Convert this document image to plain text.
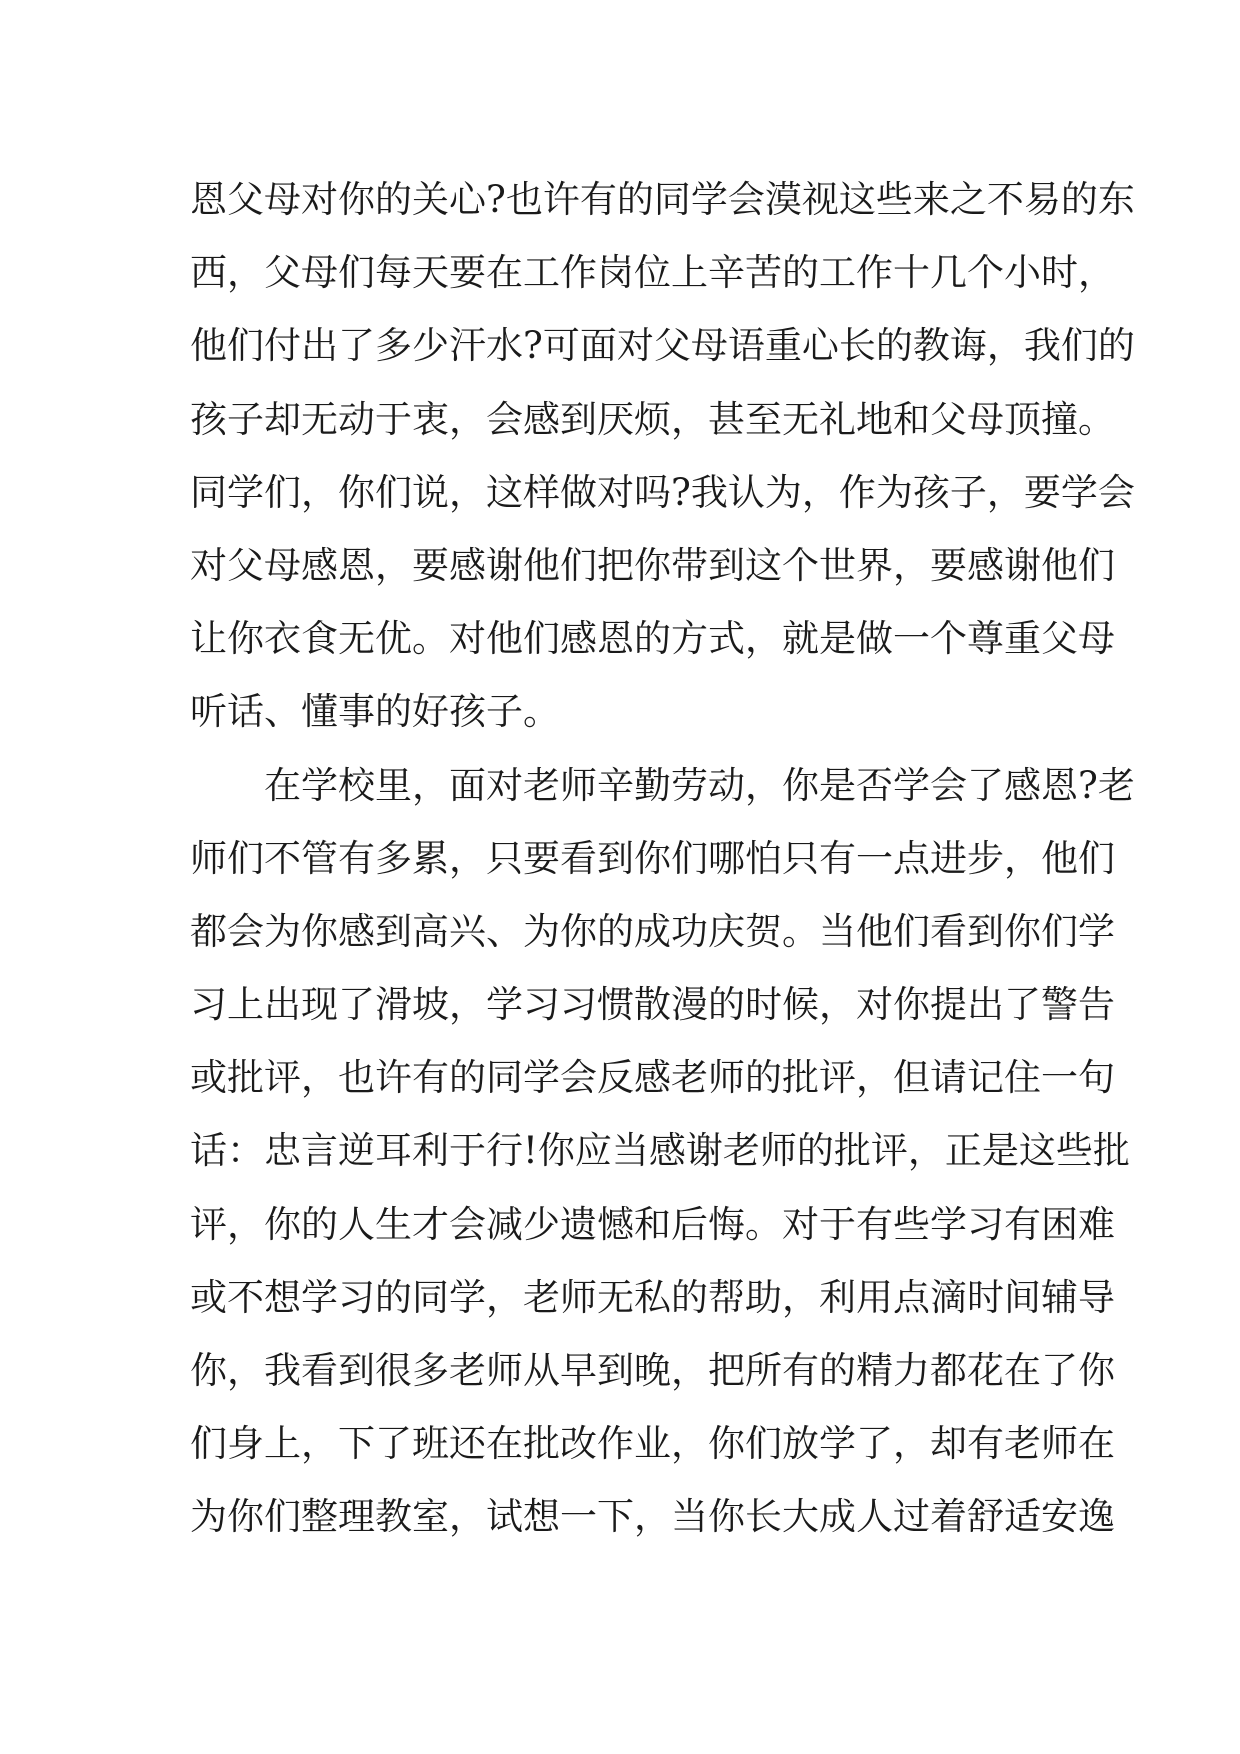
恩父母对你的关心?也许有的同学会漠视这些来之不易的东
西，父母们每天要在工作岗位上辛苦的工作十几个小时，
他们付出了多少汗水?可面对父母语重心长的教诲，我们的
孩子却无动于衷，会感到厌烦，甚至无礼地和父母顶撞。
同学们，你们说，这样做对吗?我认为，作为孩子，要学会
对父母感恩，要感谢他们把你带到这个世界，要感谢他们
让你衣食无优。对他们感恩的方式，就是做一个尊重父母
听话、懂事的好孩子。
在学校里，面对老师辛勤劳动，你是否学会了感恩?老
师们不管有多累，只要看到你们哪怕只有一点进步，他们
都会为你感到高兴、为你的成功庆贺。当他们看到你们学
习上出现了滑坡，学习习惯散漫的时候，对你提出了警告
或批评，也许有的同学会反感老师的批评，但请记住一句
话：忠言逆耳利于行!你应当感谢老师的批评，正是这些批
评，你的人生才会减少遗憾和后悔。对于有些学习有困难
或不想学习的同学，老师无私的帮助，利用点滴时间辅导
你，我看到很多老师从早到晚，把所有的精力都花在了你
们身上，下了班还在批改作业，你们放学了，却有老师在
为你们整理教室，试想一下，当你长大成人过着舒适安逸
